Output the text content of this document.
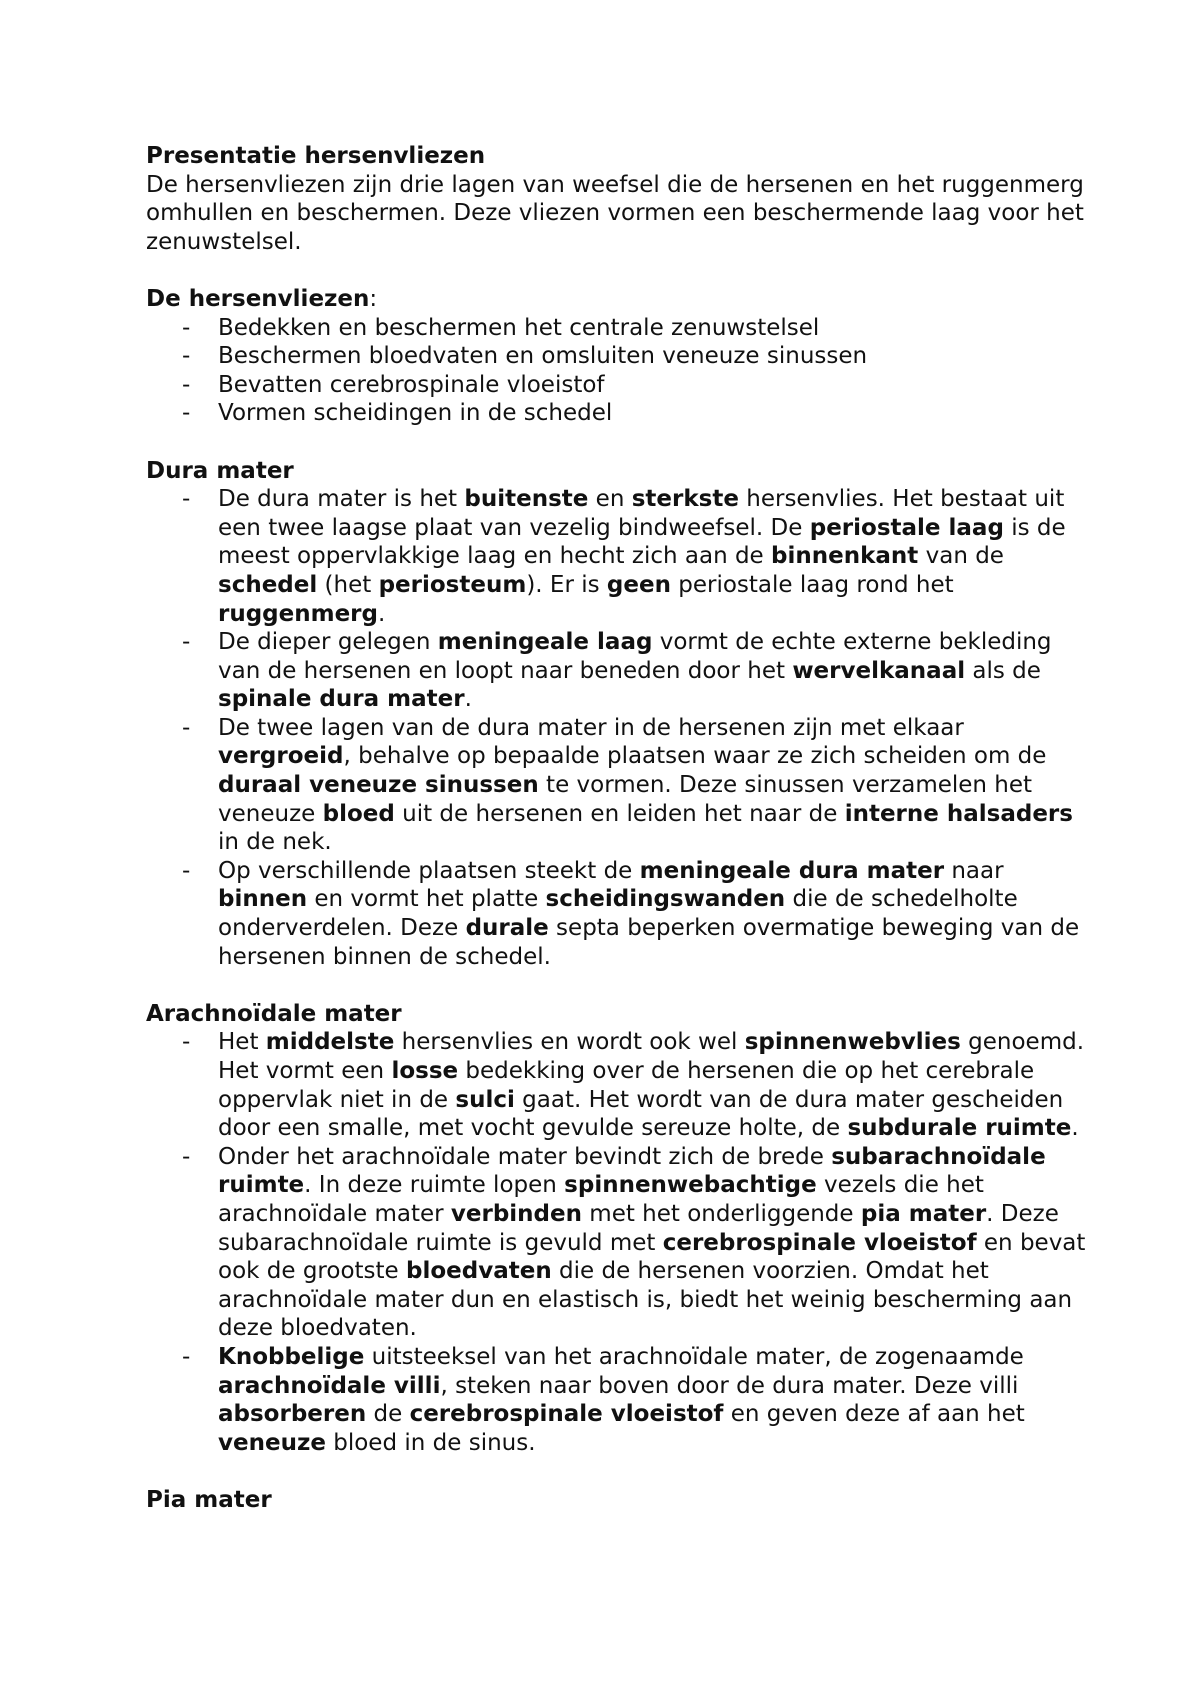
Presentatie hersenvliezen
De hersenvliezen zijn drie lagen van weefsel die de hersenen en het ruggenmerg omhullen en beschermen. Deze vliezen vormen een beschermende laag voor het zenuwstelsel.
De hersenvliezen:
- Bedekken en beschermen het centrale zenuwstelsel
- Beschermen bloedvaten en omsluiten veneuze sinussen
- Bevatten cerebrospinale vloeistof
- Vormen scheidingen in de schedel
Dura mater
- De dura mater is het buitenste en sterkste hersenvlies. Het bestaat uit een twee laagse plaat van vezelig bindweefsel. De periostale laag is de meest oppervlakkige laag en hecht zich aan de binnenkant van de schedel (het periosteum). Er is geen periostale laag rond het ruggenmerg.
- De dieper gelegen meningeale laag vormt de echte externe bekleding van de hersenen en loopt naar beneden door het wervelkanaal als de spinale dura mater.
- De twee lagen van de dura mater in de hersenen zijn met elkaar vergroeid, behalve op bepaalde plaatsen waar ze zich scheiden om de duraal veneuze sinussen te vormen. Deze sinussen verzamelen het veneuze bloed uit de hersenen en leiden het naar de interne halsaders in de nek.
- Op verschillende plaatsen steekt de meningeale dura mater naar binnen en vormt het platte scheidingswanden die de schedelholte onderverdelen. Deze durale septa beperken overmatige beweging van de hersenen binnen de schedel.
Arachnoïdale mater
- Het middelste hersenvlies en wordt ook wel spinnenwebvlies genoemd. Het vormt een losse bedekking over de hersenen die op het cerebrale oppervlak niet in de sulci gaat. Het wordt van de dura mater gescheiden door een smalle, met vocht gevulde sereuze holte, de subdurale ruimte.
- Onder het arachnoïdale mater bevindt zich de brede subarachnoïdale ruimte. In deze ruimte lopen spinnenwebachtige vezels die het arachnoïdale mater verbinden met het onderliggende pia mater. Deze subarachnoïdale ruimte is gevuld met cerebrospinale vloeistof en bevat ook de grootste bloedvaten die de hersenen voorzien. Omdat het arachnoïdale mater dun en elastisch is, biedt het weinig bescherming aan deze bloedvaten.
- Knobbelige uitsteeksel van het arachnoïdale mater, de zogenaamde arachnoïdale villi, steken naar boven door de dura mater. Deze villi absorberen de cerebrospinale vloeistof en geven deze af aan het veneuze bloed in de sinus.
Pia mater
